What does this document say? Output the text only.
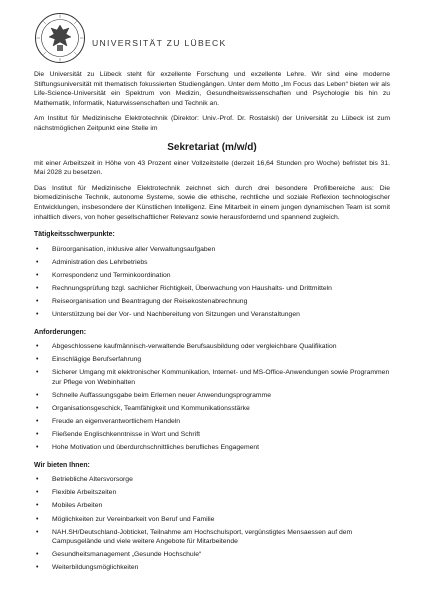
UNIVERSITÄT ZU LÜBECK

Die Universität zu Lübeck steht für exzellente Forschung und exzellente Lehre. Wir sind eine moderne Stiftungsuniversität mit thematisch fokussierten Studiengängen. Unter dem Motto „Im Focus das Leben“ bieten wir als Life-Science-Universität ein Spektrum von Medizin, Gesundheitswissenschaften und Psychologie bis hin zu Mathematik, Informatik, Naturwissenschaften und Technik an.

Am Institut für Medizinische Elektrotechnik (Direktor: Univ.-Prof. Dr. Rostalski) der Universität zu Lübeck ist zum nächstmöglichen Zeitpunkt eine Stelle im

Sekretariat (m/w/d)

mit einer Arbeitszeit in Höhe von 43 Prozent einer Vollzeitstelle (derzeit 16,64 Stunden pro Woche) befristet bis 31. Mai 2028 zu besetzen.

Das Institut für Medizinische Elektrotechnik zeichnet sich durch drei besondere Profilbereiche aus: Die biomedizinische Technik, autonome Systeme, sowie die ethische, rechtliche und soziale Reflexion technologischer Entwicklungen, insbesondere der Künstlichen Intelligenz. Eine Mitarbeit in einem jungen dynamischen Team ist somit inhaltlich divers, von hoher gesellschaftlicher Relevanz sowie herausfordernd und spannend zugleich.

Tätigkeitsschwerpunkte:
• Büroorganisation, inklusive aller Verwaltungsaufgaben
• Administration des Lehrbetriebs
• Korrespondenz und Terminkoordination
• Rechnungsprüfung bzgl. sachlicher Richtigkeit, Überwachung von Haushalts- und Drittmitteln
• Reiseorganisation und Beantragung der Reisekostenabrechnung
• Unterstützung bei der Vor- und Nachbereitung von Sitzungen und Veranstaltungen
Anforderungen:
• Abgeschlossene kaufmännisch-verwaltende Berufsausbildung oder vergleichbare Qualifikation
• Einschlägige Berufserfahrung
• Sicherer Umgang mit elektronischer Kommunikation, Internet- und MS-Office-Anwendungen sowie Programmen zur Pflege von Webinhalten
• Schnelle Auffassungsgabe beim Erlernen neuer Anwendungsprogramme
• Organisationsgeschick, Teamfähigkeit und Kommunikationsstärke
• Freude an eigenverantwortlichem Handeln
• Fließende Englischkenntnisse in Wort und Schrift
• Hohe Motivation und überdurchschnittliches berufliches Engagement
Wir bieten Ihnen:
• Betriebliche Altersvorsorge
• Flexible Arbeitszeiten
• Mobiles Arbeiten
• Möglichkeiten zur Vereinbarkeit von Beruf und Familie
• NAH.SH/Deutschland-Jobticket, Teilnahme am Hochschulsport, vergünstigtes Mensaessen auf dem Campusgelände und viele weitere Angebote für Mitarbeitende
• Gesundheitsmanagement „Gesunde Hochschule“
• Weiterbildungsmöglichkeiten
